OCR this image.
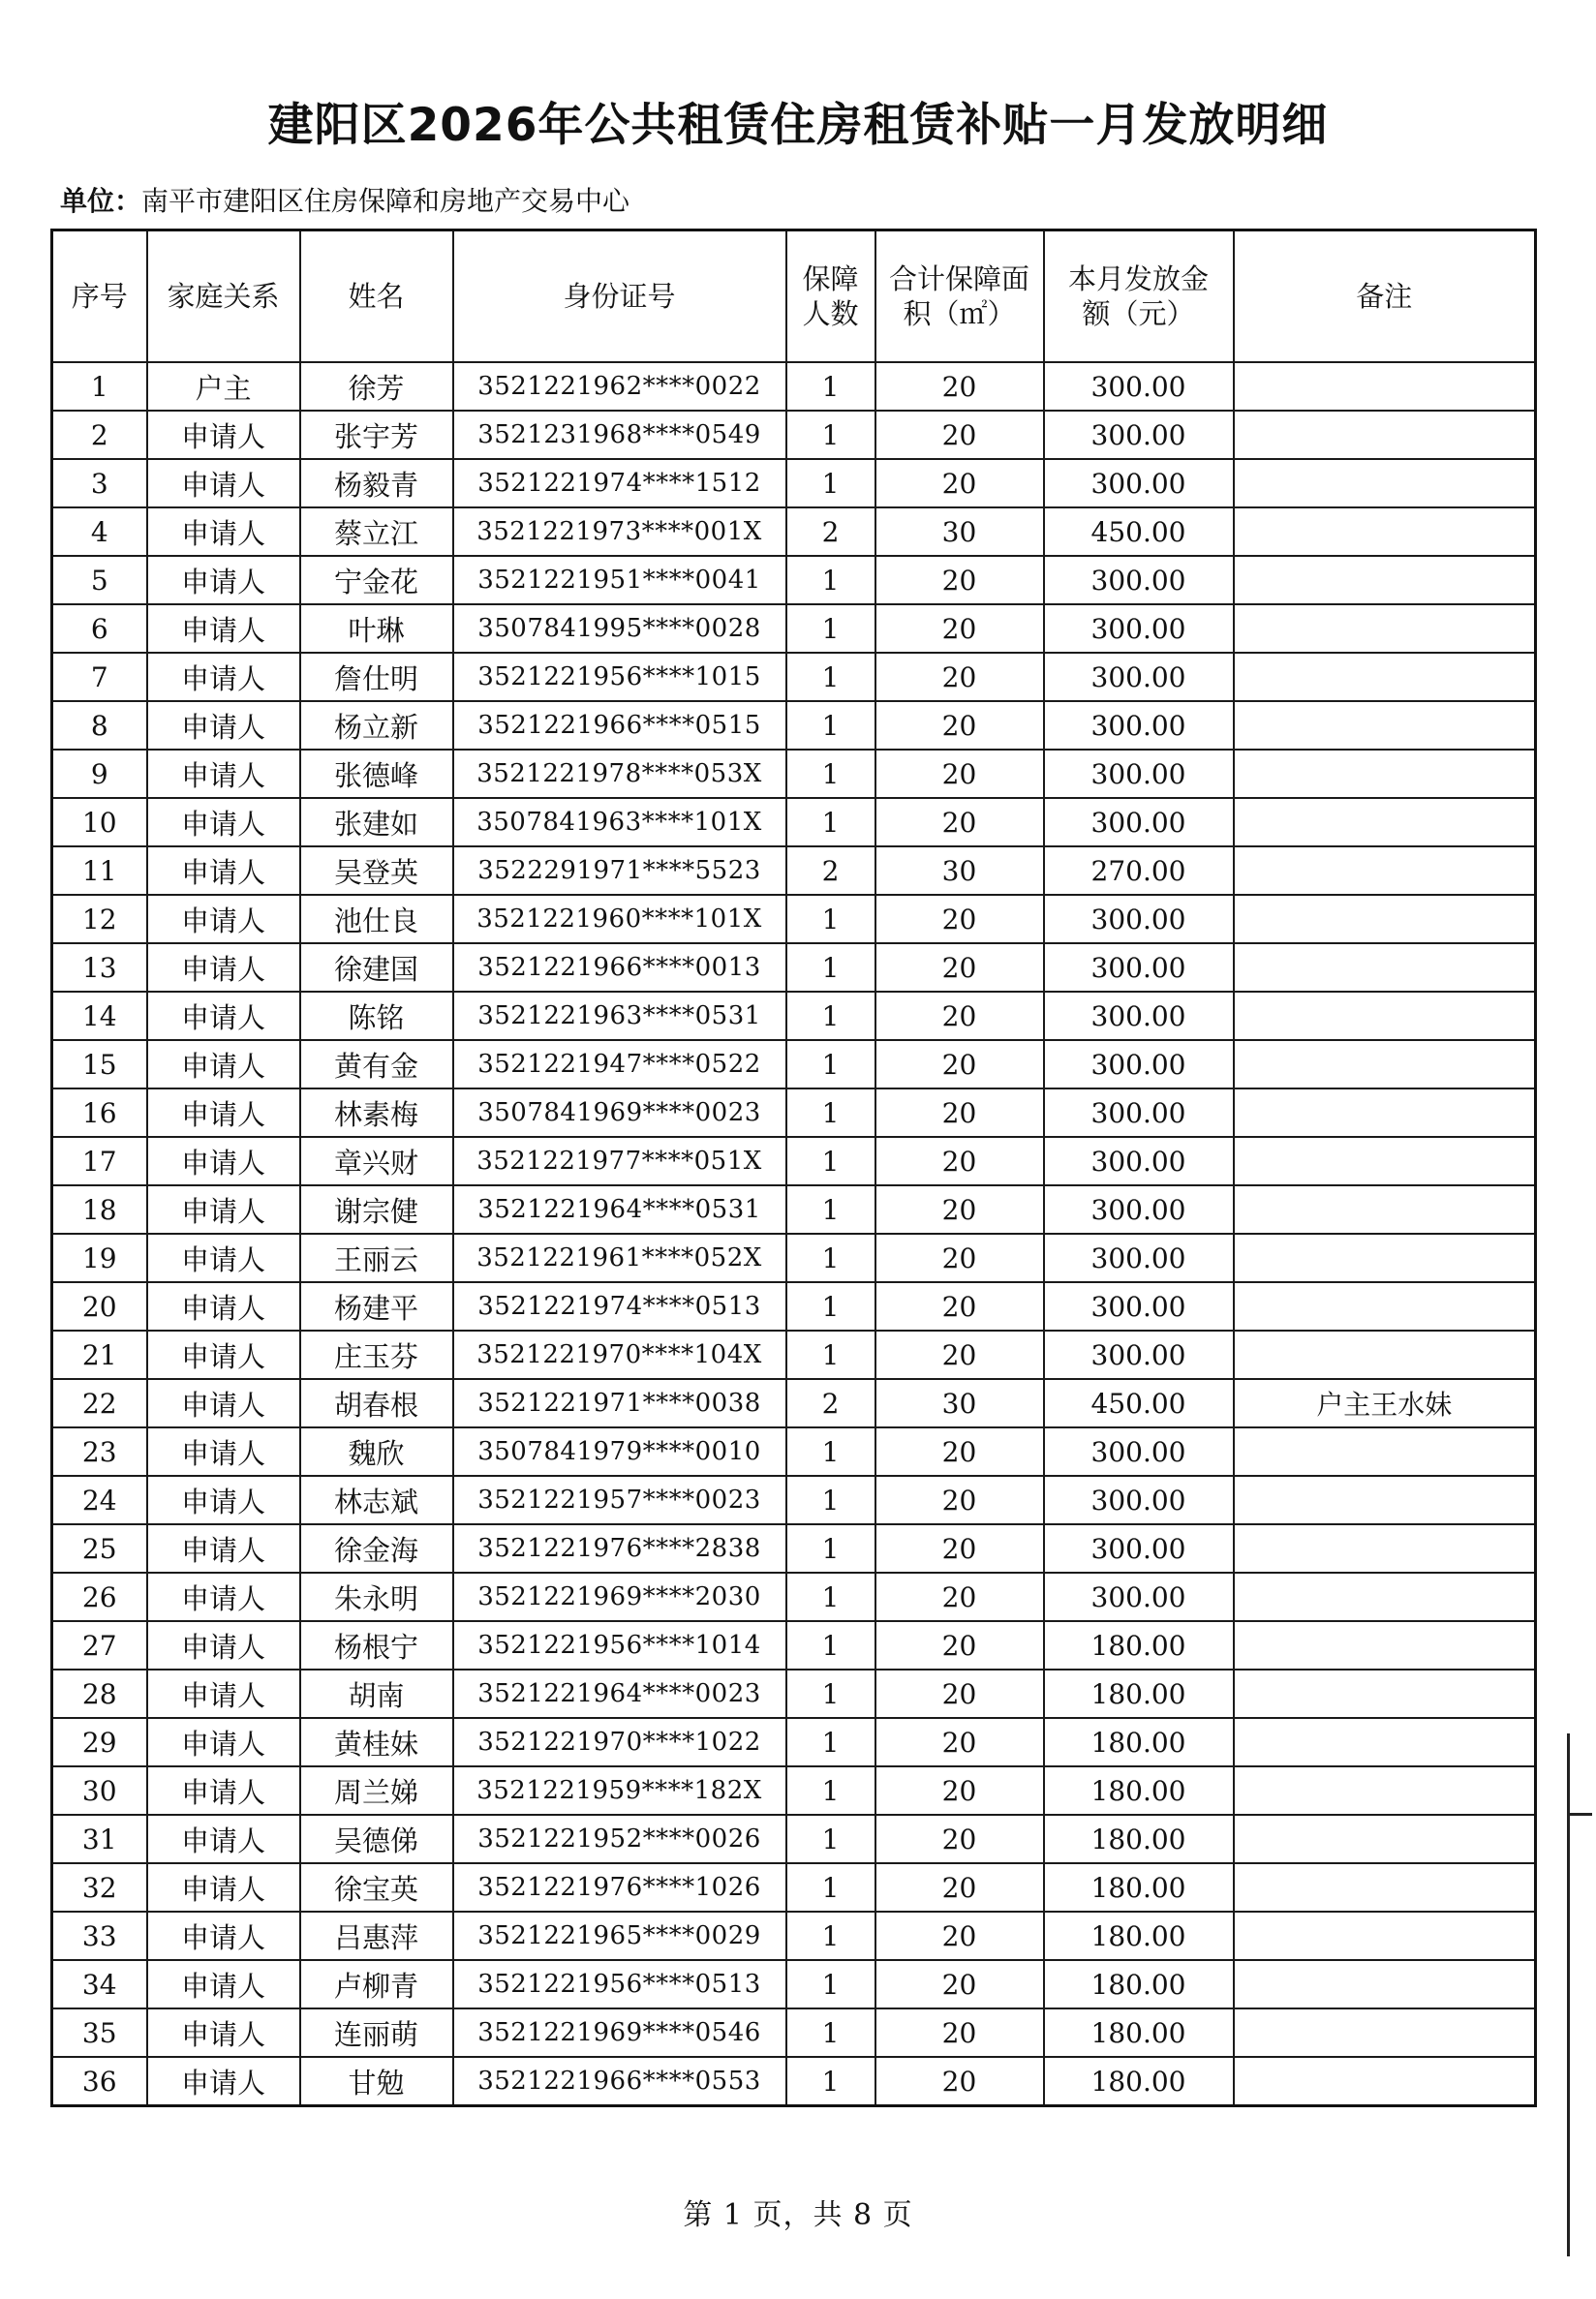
建阳区2026年公共租赁住房租赁补贴一月发放明细
单位：南平市建阳区住房保障和房地产交易中心
序号	家庭关系	姓名	身份证号	保障人数	合计保障面积（㎡）	本月发放金额（元）	备注
1	户主	徐芳	3521221962****0022	1	20	300.00	
2	申请人	张宇芳	3521231968****0549	1	20	300.00	
3	申请人	杨毅青	3521221974****1512	1	20	300.00	
4	申请人	蔡立江	3521221973****001X	2	30	450.00	
5	申请人	宁金花	3521221951****0041	1	20	300.00	
6	申请人	叶琳	3507841995****0028	1	20	300.00	
7	申请人	詹仕明	3521221956****1015	1	20	300.00	
8	申请人	杨立新	3521221966****0515	1	20	300.00	
9	申请人	张德峰	3521221978****053X	1	20	300.00	
10	申请人	张建如	3507841963****101X	1	20	300.00	
11	申请人	吴登英	3522291971****5523	2	30	270.00	
12	申请人	池仕良	3521221960****101X	1	20	300.00	
13	申请人	徐建国	3521221966****0013	1	20	300.00	
14	申请人	陈铭	3521221963****0531	1	20	300.00	
15	申请人	黄有金	3521221947****0522	1	20	300.00	
16	申请人	林素梅	3507841969****0023	1	20	300.00	
17	申请人	章兴财	3521221977****051X	1	20	300.00	
18	申请人	谢宗健	3521221964****0531	1	20	300.00	
19	申请人	王丽云	3521221961****052X	1	20	300.00	
20	申请人	杨建平	3521221974****0513	1	20	300.00	
21	申请人	庄玉芬	3521221970****104X	1	20	300.00	
22	申请人	胡春根	3521221971****0038	2	30	450.00	户主王水妹
23	申请人	魏欣	3507841979****0010	1	20	300.00	
24	申请人	林志斌	3521221957****0023	1	20	300.00	
25	申请人	徐金海	3521221976****2838	1	20	300.00	
26	申请人	朱永明	3521221969****2030	1	20	300.00	
27	申请人	杨根宁	3521221956****1014	1	20	180.00	
28	申请人	胡南	3521221964****0023	1	20	180.00	
29	申请人	黄桂妹	3521221970****1022	1	20	180.00	
30	申请人	周兰娣	3521221959****182X	1	20	180.00	
31	申请人	吴德俤	3521221952****0026	1	20	180.00	
32	申请人	徐宝英	3521221976****1026	1	20	180.00	
33	申请人	吕惠萍	3521221965****0029	1	20	180.00	
34	申请人	卢柳青	3521221956****0513	1	20	180.00	
35	申请人	连丽萌	3521221969****0546	1	20	180.00	
36	申请人	甘勉	3521221966****0553	1	20	180.00	
第 1 页，共 8 页
